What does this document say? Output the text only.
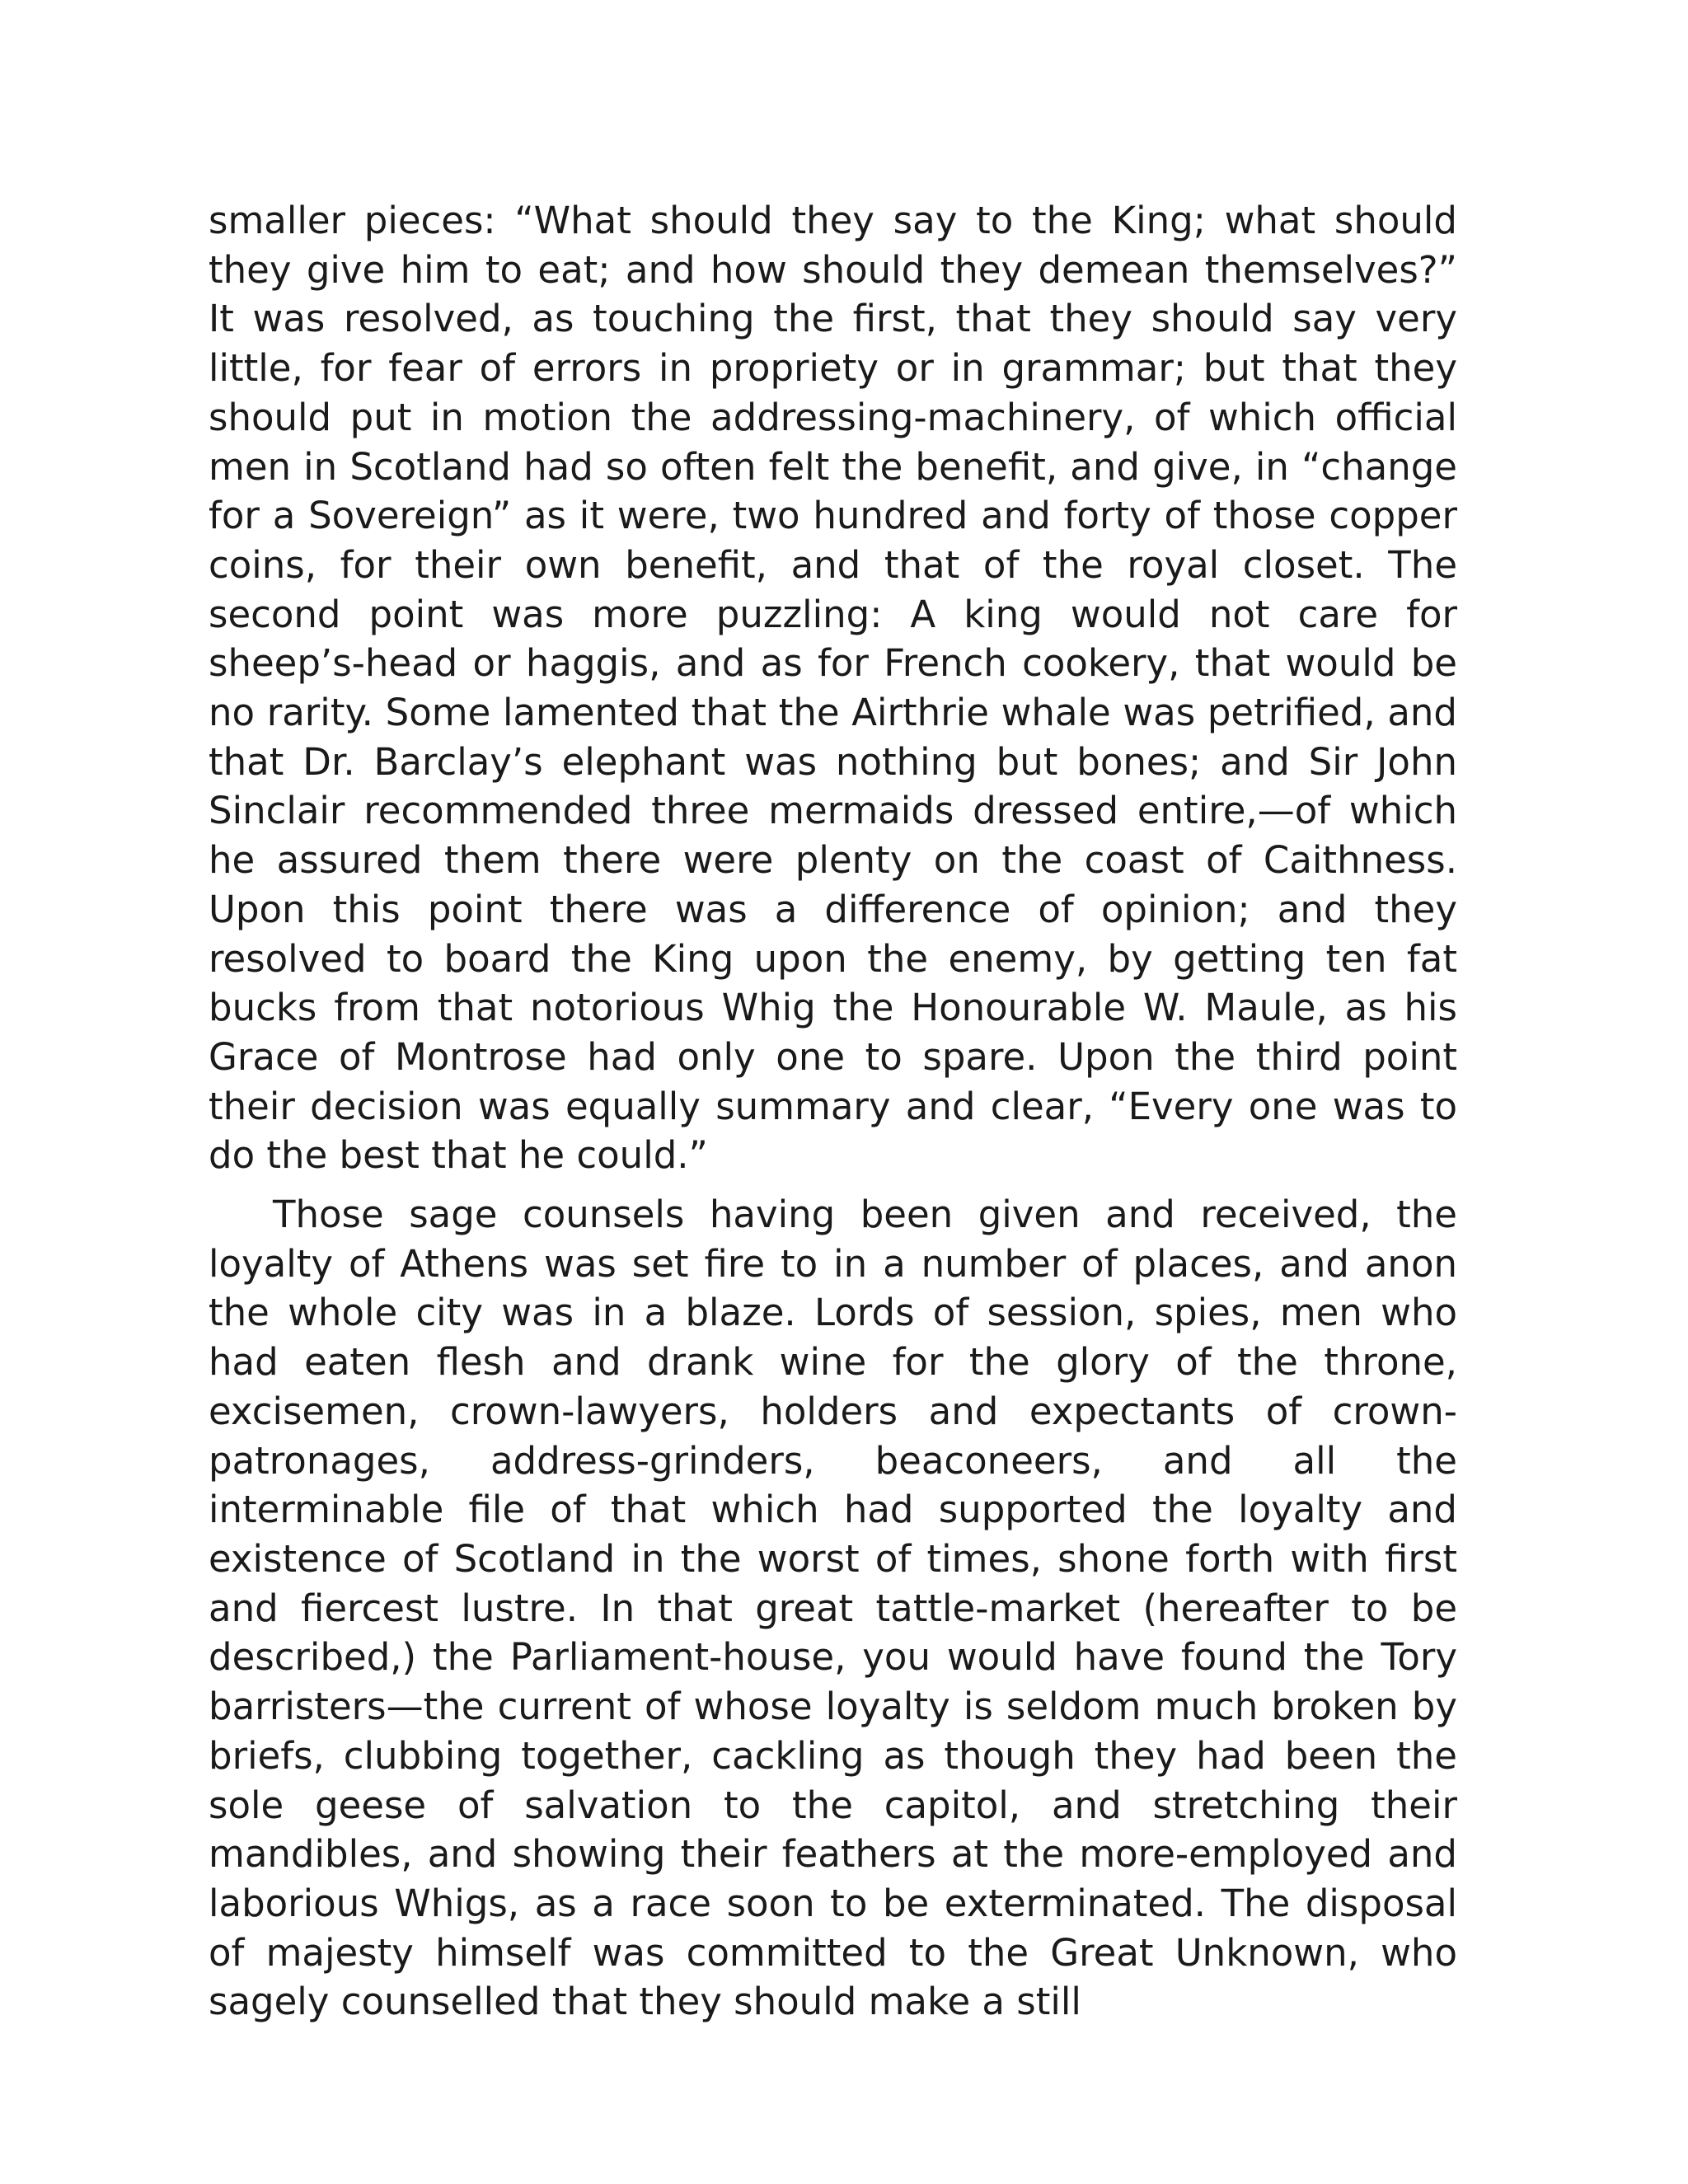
smaller pieces: “What should they say to the King; what should they give him to eat; and how should they demean themselves?” It was resolved, as touching the first, that they should say very little, for fear of errors in propriety or in grammar; but that they should put in motion the addressing-machinery, of which official men in Scotland had so often felt the benefit, and give, in “change for a Sovereign” as it were, two hundred and forty of those copper coins, for their own benefit, and that of the royal closet. The second point was more puzzling: A king would not care for sheep’s-head or haggis, and as for French cookery, that would be no rarity. Some lamented that the Airthrie whale was petrified, and that Dr. Barclay’s elephant was nothing but bones; and Sir John Sinclair recommended three mermaids dressed entire,—of which he assured them there were plenty on the coast of Caithness. Upon this point there was a difference of opinion; and they resolved to board the King upon the enemy, by getting ten fat bucks from that notorious Whig the Honourable W. Maule, as his Grace of Montrose had only one to spare. Upon the third point their decision was equally summary and clear, “Every one was to do the best that he could.”

Those sage counsels having been given and received, the loyalty of Athens was set fire to in a number of places, and anon the whole city was in a blaze. Lords of session, spies, men who had eaten flesh and drank wine for the glory of the throne, excisemen, crown-lawyers, holders and expectants of crown-patronages, address-grinders, beaconeers, and all the interminable file of that which had supported the loyalty and existence of Scotland in the worst of times, shone forth with first and fiercest lustre. In that great tattle-market (hereafter to be described,) the Parliament-house, you would have found the Tory barristers—the current of whose loyalty is seldom much broken by briefs, clubbing together, cackling as though they had been the sole geese of salvation to the capitol, and stretching their mandibles, and showing their feathers at the more-employed and laborious Whigs, as a race soon to be exterminated. The disposal of majesty himself was committed to the Great Unknown, who sagely counselled that they should make a still
